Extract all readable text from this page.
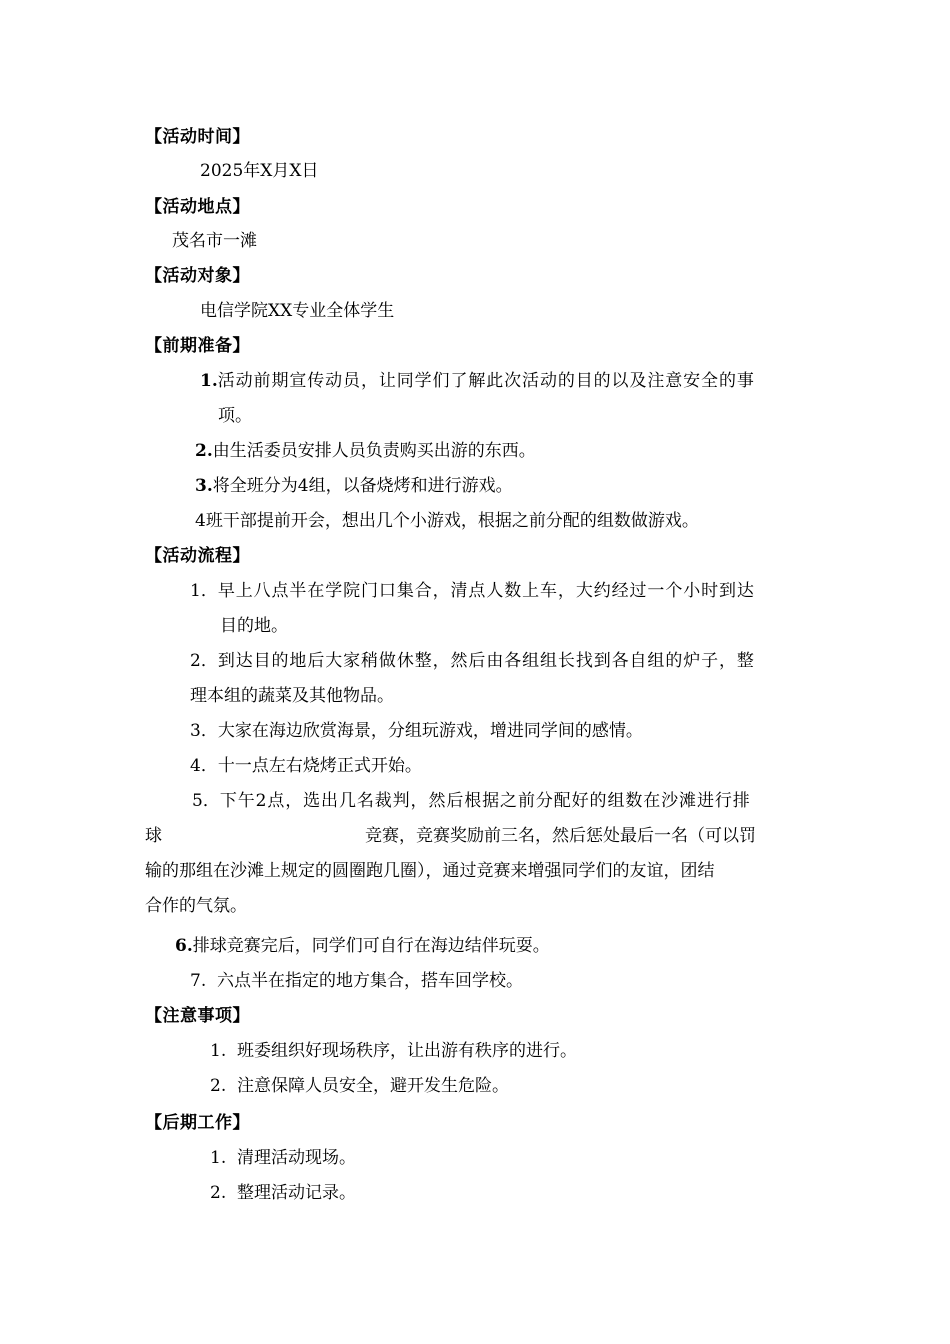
【活动时间】
2025年X月X日
【活动地点】
茂名市一滩
【活动对象】
电信学院XX专业全体学生
【前期准备】
1.活动前期宣传动员，让同学们了解此次活动的目的以及注意安全的事
项。
2.由生活委员安排人员负责购买出游的东西。
3.将全班分为4组，以备烧烤和进行游戏。
4班干部提前开会，想出几个小游戏，根据之前分配的组数做游戏。
【活动流程】
1．早上八点半在学院门口集合，清点人数上车，大约经过一个小时到达
目的地。
2．到达目的地后大家稍做休整，然后由各组组长找到各自组的炉子，整
理本组的蔬菜及其他物品。
3．大家在海边欣赏海景，分组玩游戏，增进同学间的感情。
4．十一点左右烧烤正式开始。
5．下午2点，选出几名裁判，然后根据之前分配好的组数在沙滩进行排
球	竞赛，竞赛奖励前三名，然后惩处最后一名（可以罚
输的那组在沙滩上规定的圆圈跑几圈），通过竞赛来增强同学们的友谊，团结
合作的气氛。
6.排球竞赛完后，同学们可自行在海边结伴玩耍。
7. 六点半在指定的地方集合，搭车回学校。
【注意事项】
1. 班委组织好现场秩序，让出游有秩序的进行。
2. 注意保障人员安全，避开发生危险。
【后期工作】
1. 清理活动现场。
2. 整理活动记录。
